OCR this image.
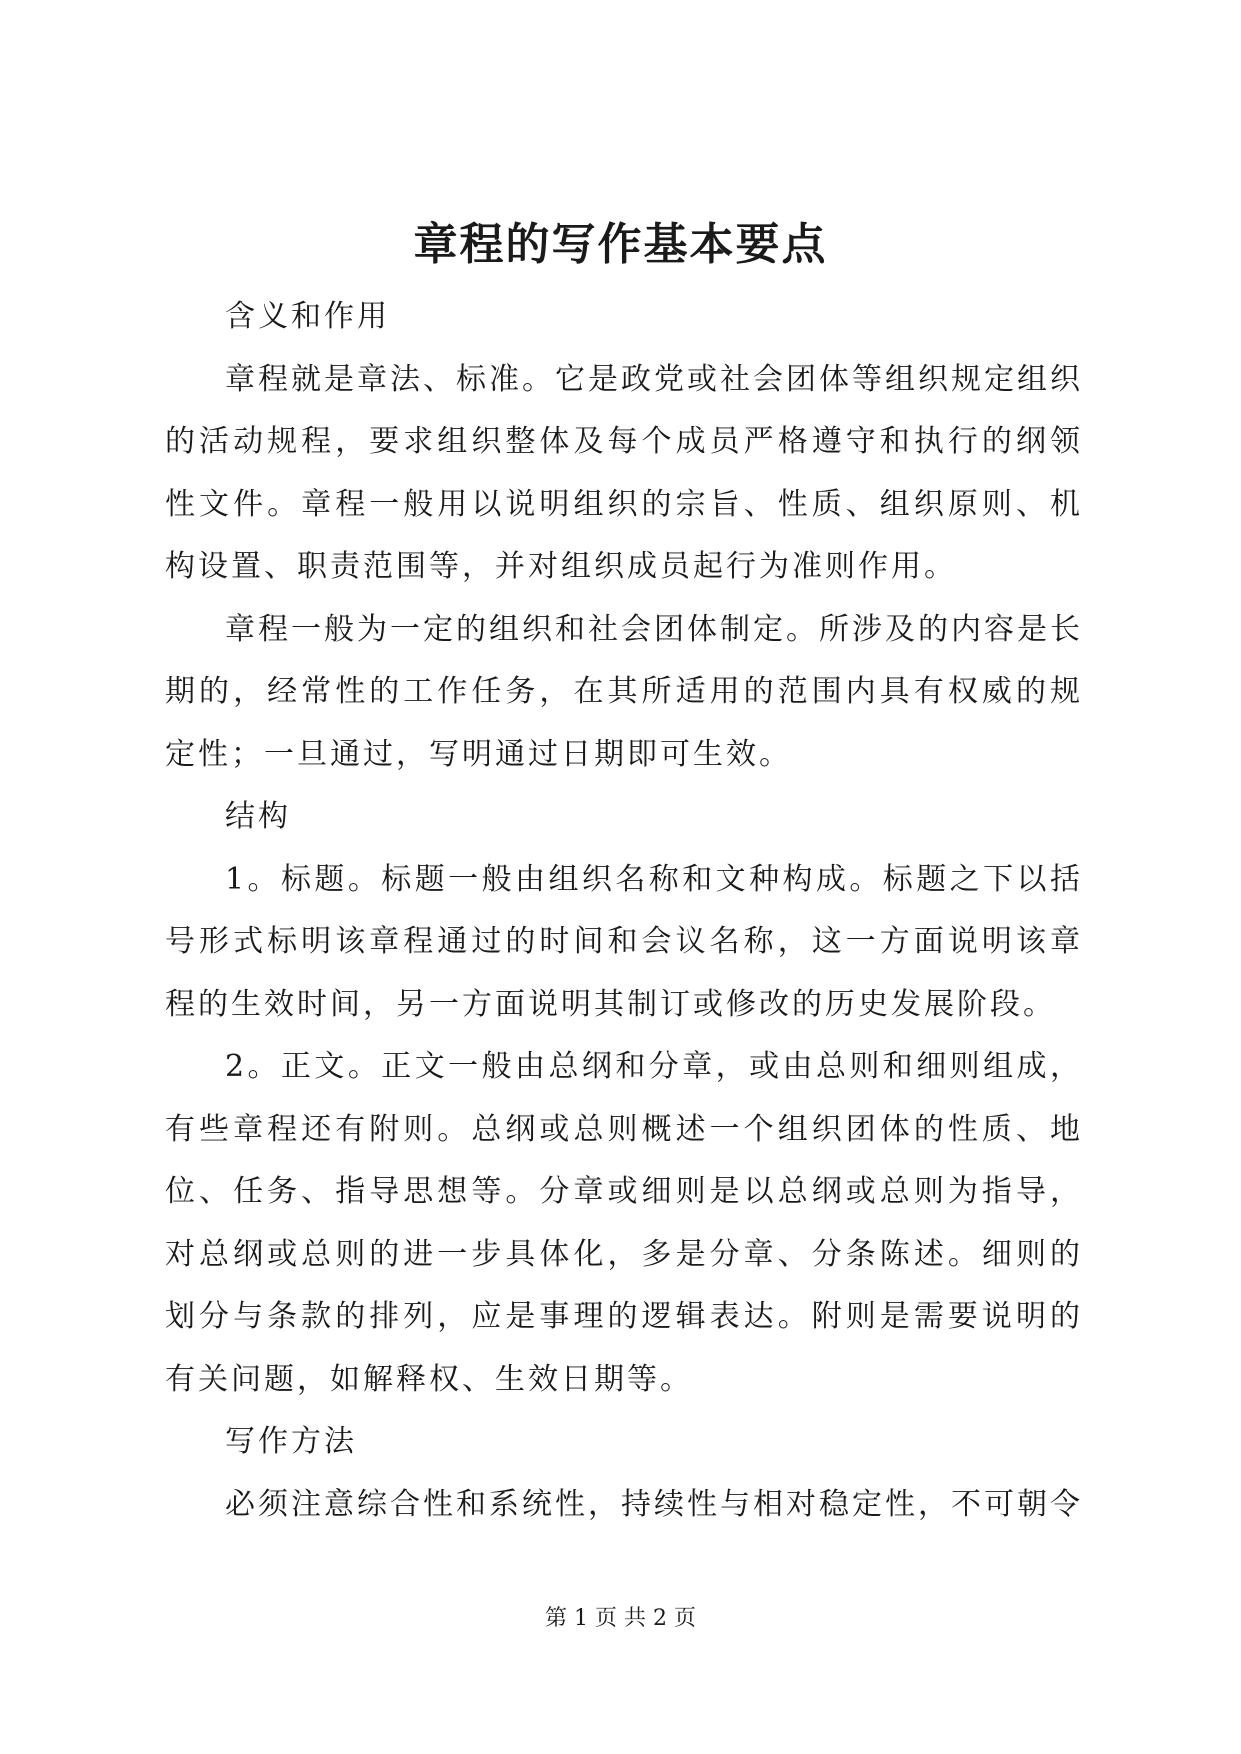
章程的写作基本要点

含义和作用

章程就是章法、标准。它是政党或社会团体等组织规定组织的活动规程，要求组织整体及每个成员严格遵守和执行的纲领性文件。章程一般用以说明组织的宗旨、性质、组织原则、机构设置、职责范围等，并对组织成员起行为准则作用。

章程一般为一定的组织和社会团体制定。所涉及的内容是长期的，经常性的工作任务，在其所适用的范围内具有权威的规定性；一旦通过，写明通过日期即可生效。

结构

1。标题。标题一般由组织名称和文种构成。标题之下以括号形式标明该章程通过的时间和会议名称，这一方面说明该章程的生效时间，另一方面说明其制订或修改的历史发展阶段。

2。正文。正文一般由总纲和分章，或由总则和细则组成，有些章程还有附则。总纲或总则概述一个组织团体的性质、地位、任务、指导思想等。分章或细则是以总纲或总则为指导，对总纲或总则的进一步具体化，多是分章、分条陈述。细则的划分与条款的排列，应是事理的逻辑表达。附则是需要说明的有关问题，如解释权、生效日期等。

写作方法

必须注意综合性和系统性，持续性与相对稳定性，不可朝令

第 1 页 共 2 页
